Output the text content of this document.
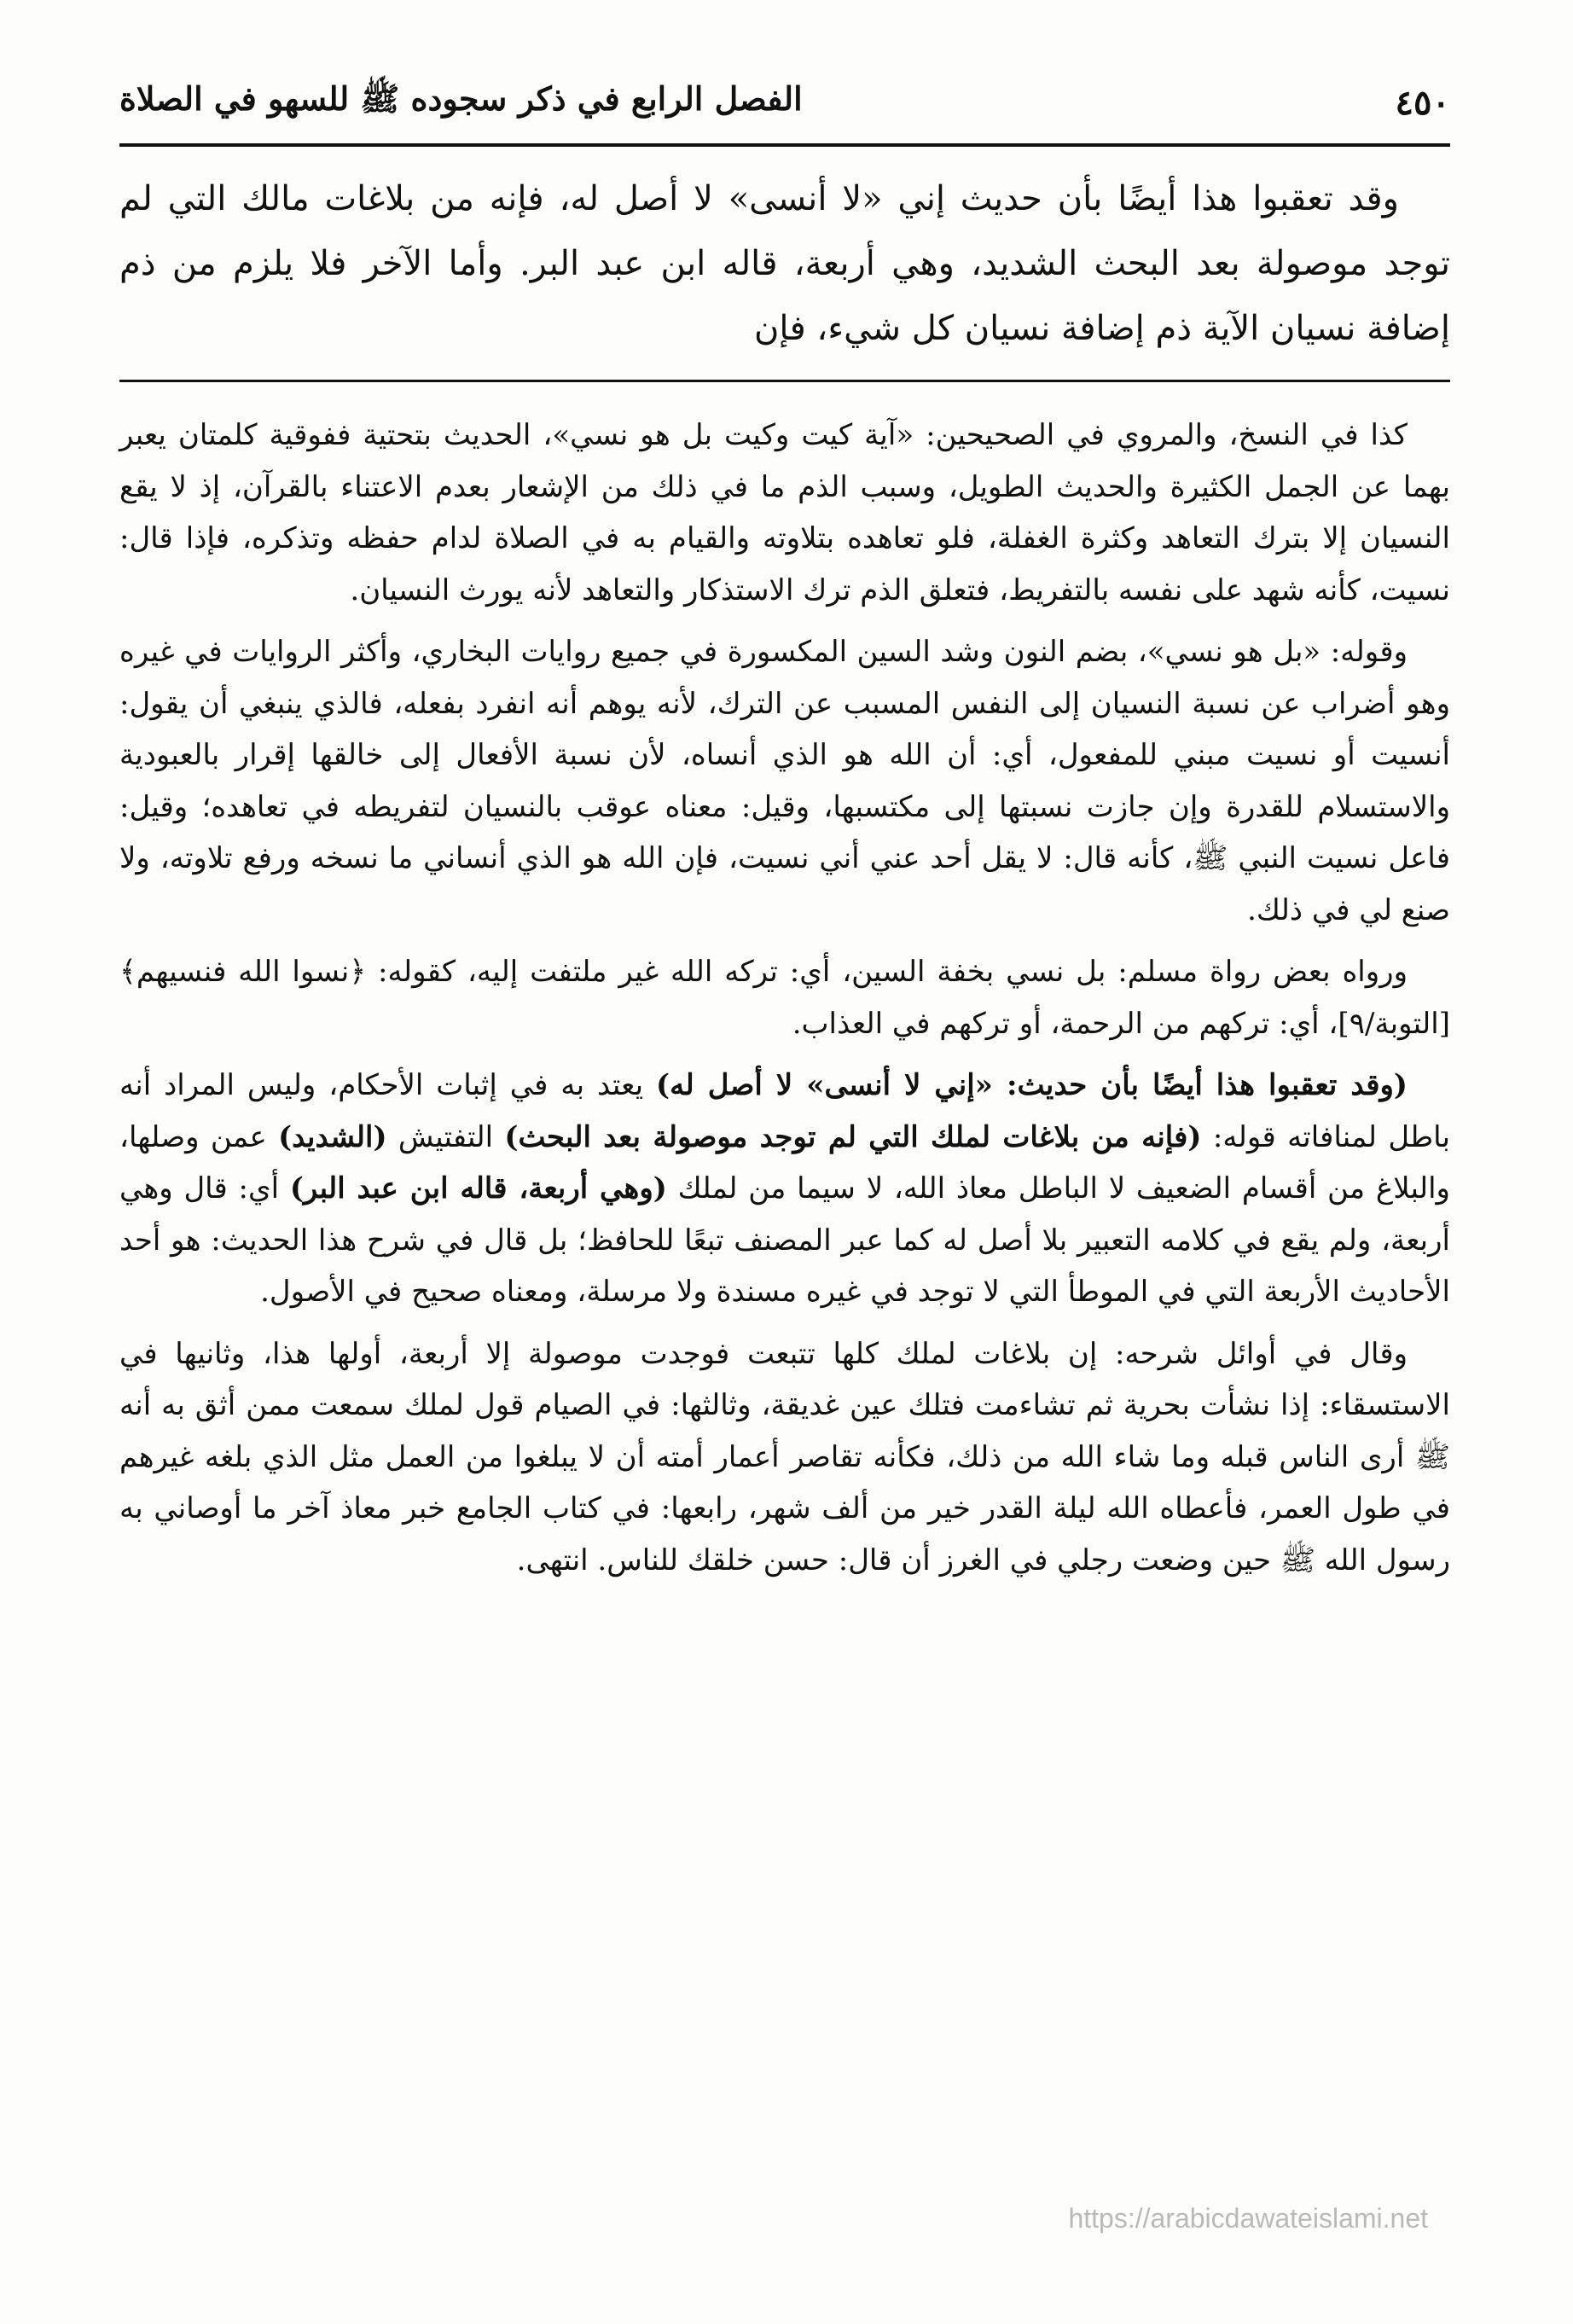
٤٥٠
الفصل الرابع في ذكر سجوده ﷺ للسهو في الصلاة

وقد تعقبوا هذا أيضًا بأن حديث إني «لا أنسى» لا أصل له، فإنه من بلاغات مالك التي لم توجد موصولة بعد البحث الشديد، وهي أربعة، قاله ابن عبد البر. وأما الآخر فلا يلزم من ذم إضافة نسيان الآية ذم إضافة نسيان كل شيء، فإن

كذا في النسخ، والمروي في الصحيحين: «آية كيت وكيت بل هو نسي»، الحديث بتحتية ففوقية كلمتان يعبر بهما عن الجمل الكثيرة والحديث الطويل، وسبب الذم ما في ذلك من الإشعار بعدم الاعتناء بالقرآن، إذ لا يقع النسيان إلا بترك التعاهد وكثرة الغفلة، فلو تعاهده بتلاوته والقيام به في الصلاة لدام حفظه وتذكره، فإذا قال: نسيت، كأنه شهد على نفسه بالتفريط، فتعلق الذم ترك الاستذكار والتعاهد لأنه يورث النسيان.

وقوله: «بل هو نسي»، بضم النون وشد السين المكسورة في جميع روايات البخاري، وأكثر الروايات في غيره وهو أضراب عن نسبة النسيان إلى النفس المسبب عن الترك، لأنه يوهم أنه انفرد بفعله، فالذي ينبغي أن يقول: أنسيت أو نسيت مبني للمفعول، أي: أن الله هو الذي أنساه، لأن نسبة الأفعال إلى خالقها إقرار بالعبودية والاستسلام للقدرة وإن جازت نسبتها إلى مكتسبها، وقيل: معناه عوقب بالنسيان لتفريطه في تعاهده؛ وقيل: فاعل نسيت النبي ﷺ، كأنه قال: لا يقل أحد عني أني نسيت، فإن الله هو الذي أنساني ما نسخه ورفع تلاوته، ولا صنع لي في ذلك.

ورواه بعض رواة مسلم: بل نسي بخفة السين، أي: تركه الله غير ملتفت إليه، كقوله: ﴿نسوا الله فنسيهم﴾ [التوبة/٩]، أي: تركهم من الرحمة، أو تركهم في العذاب.

(وقد تعقبوا هذا أيضًا بأن حديث: «إني لا أنسى» لا أصل له) يعتد به في إثبات الأحكام، وليس المراد أنه باطل لمنافاته قوله: (فإنه من بلاغات لملك التي لم توجد موصولة بعد البحث) التفتيش (الشديد) عمن وصلها، والبلاغ من أقسام الضعيف لا الباطل معاذ الله، لا سيما من لملك (وهي أربعة، قاله ابن عبد البر) أي: قال وهي أربعة، ولم يقع في كلامه التعبير بلا أصل له كما عبر المصنف تبعًا للحافظ؛ بل قال في شرح هذا الحديث: هو أحد الأحاديث الأربعة التي في الموطأ التي لا توجد في غيره مسندة ولا مرسلة، ومعناه صحيح في الأصول.

وقال في أوائل شرحه: إن بلاغات لملك كلها تتبعت فوجدت موصولة إلا أربعة، أولها هذا، وثانيها في الاستسقاء: إذا نشأت بحرية ثم تشاءمت فتلك عين غديقة، وثالثها: في الصيام قول لملك سمعت ممن أثق به أنه ﷺ أرى الناس قبله وما شاء الله من ذلك، فكأنه تقاصر أعمار أمته أن لا يبلغوا من العمل مثل الذي بلغه غيرهم في طول العمر، فأعطاه الله ليلة القدر خير من ألف شهر، رابعها: في كتاب الجامع خبر معاذ آخر ما أوصاني به رسول الله ﷺ حين وضعت رجلي في الغرز أن قال: حسن خلقك للناس. انتهى.

https://arabicdawateislami.net
